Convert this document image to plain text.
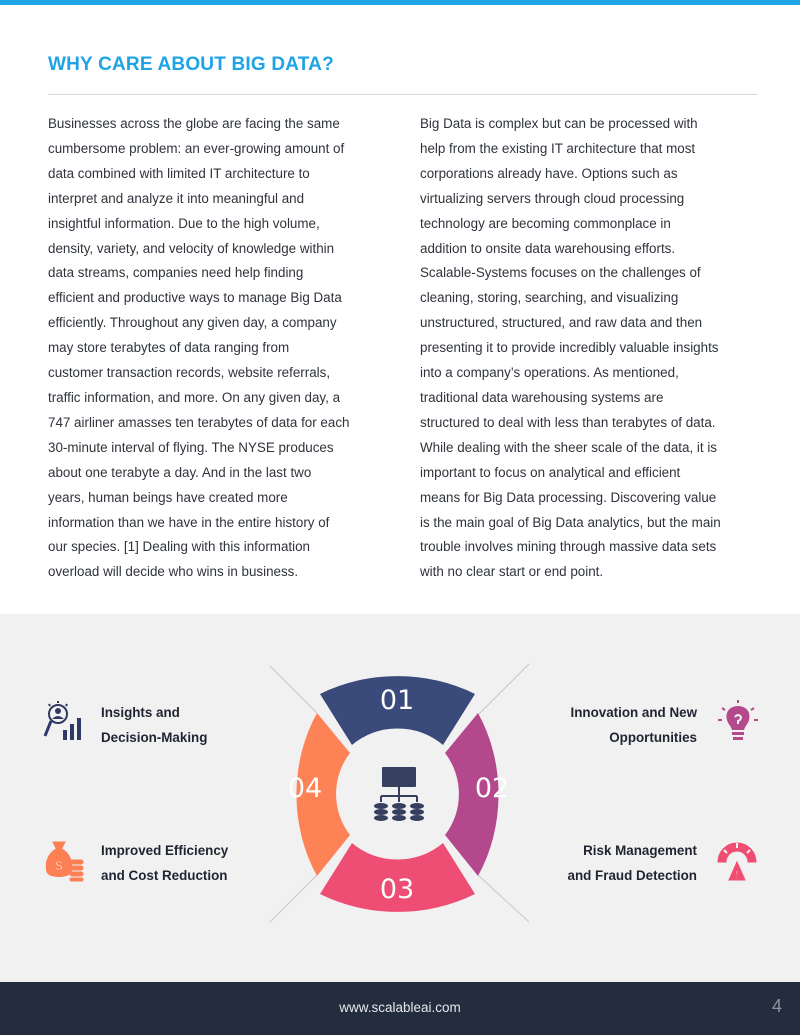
WHY CARE ABOUT BIG DATA?
Businesses across the globe are facing the same
cumbersome problem: an ever-growing amount of
data combined with limited IT architecture to
interpret and analyze it into meaningful and
insightful information. Due to the high volume,
density, variety, and velocity of knowledge within
data streams, companies need help finding
efficient and productive ways to manage Big Data
efficiently. Throughout any given day, a company
may store terabytes of data ranging from
customer transaction records, website referrals,
traffic information, and more. On any given day, a
747 airliner amasses ten terabytes of data for each
30-minute interval of flying. The NYSE produces
about one terabyte a day. And in the last two
years, human beings have created more
information than we have in the entire history of
our species. [1] Dealing with this information
overload will decide who wins in business.
Big Data is complex but can be processed with
help from the existing IT architecture that most
corporations already have. Options such as
virtualizing servers through cloud processing
technology are becoming commonplace in
addition to onsite data warehousing efforts.
Scalable-Systems focuses on the challenges of
cleaning, storing, searching, and visualizing
unstructured, structured, and raw data and then
presenting it to provide incredibly valuable insights
into a company’s operations. As mentioned,
traditional data warehousing systems are
structured to deal with less than terabytes of data.
While dealing with the sheer scale of the data, it is
important to focus on analytical and efficient
means for Big Data processing. Discovering value
is the main goal of Big Data analytics, but the main
trouble involves mining through massive data sets
with no clear start or end point.
01
02
03
04
$
!
Insights and
Decision-Making
Innovation and New
Opportunities
Improved Efficiency
and Cost Reduction
Risk Management
and Fraud Detection
www.scalableai.com	4
